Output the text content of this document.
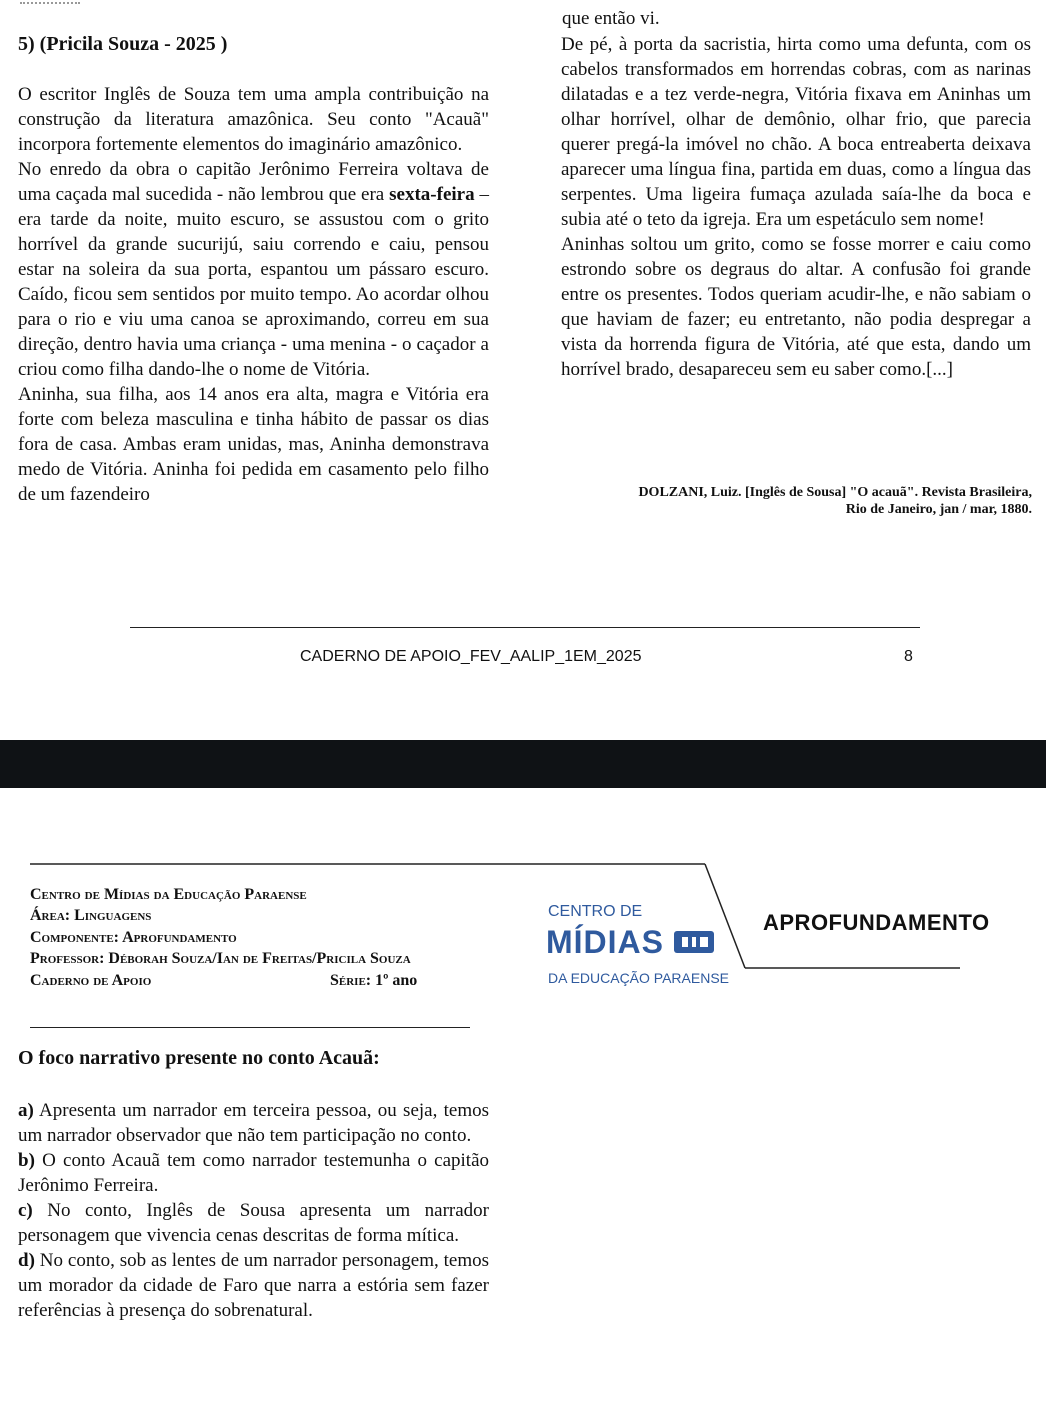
que então vi.
5) (Pricila Souza - 2025 )

O escritor Inglês de Souza tem uma ampla contribuição na construção da literatura amazônica. Seu conto "Acauã" incorpora fortemente elementos do imaginário amazônico.

No enredo da obra o capitão Jerônimo Ferreira voltava de uma caçada mal sucedida - não lembrou que era sexta-feira – era tarde da noite, muito escuro, se assustou com o grito horrível da grande sucurijú, saiu correndo e caiu, pensou estar na soleira da sua porta, espantou um pássaro escuro. Caído, ficou sem sentidos por muito tempo. Ao acordar olhou para o rio e viu uma canoa se aproximando, correu em sua direção, dentro havia uma criança - uma menina - o caçador a criou como filha dando-lhe o nome de Vitória.

Aninha, sua filha, aos 14 anos era alta, magra e Vitória era forte com beleza masculina e tinha hábito de passar os dias fora de casa. Ambas eram unidas, mas, Aninha demonstrava medo de Vitória. Aninha foi pedida em casamento pelo filho de um fazendeiro

De pé, à porta da sacristia, hirta como uma defunta, com os cabelos transformados em horrendas cobras, com as narinas dilatadas e a tez verde-negra, Vitória fixava em Aninhas um olhar horrível, olhar de demônio, olhar frio, que parecia querer pregá-la imóvel no chão. A boca entreaberta deixava aparecer uma língua fina, partida em duas, como a língua das serpentes. Uma ligeira fumaça azulada saía-lhe da boca e subia até o teto da igreja. Era um espetáculo sem nome!

Aninhas soltou um grito, como se fosse morrer e caiu como estrondo sobre os degraus do altar. A confusão foi grande entre os presentes. Todos queriam acudir-lhe, e não sabiam o que haviam de fazer; eu entretanto, não podia despregar a vista da horrenda figura de Vitória, até que esta, dando um horrível brado, desapareceu sem eu saber como.[...]

DOLZANI, Luiz. [Inglês de Sousa] "O acauã". Revista Brasileira,
Rio de Janeiro, jan / mar, 1880.
CADERNO DE APOIO_FEV_AALIP_1EM_2025	8
Centro de Mídias da Educação Paraense
Área: Linguagens
Componente: Aprofundamento
Professor: Déborah Souza/Ian de Freitas/Pricila Souza
Caderno de Apoio	Série: 1º ano
CENTRO DE
MÍDIAS
DA EDUCAÇÃO PARAENSE
APROFUNDAMENTO
O foco narrativo presente no conto Acauã:

a) Apresenta um narrador em terceira pessoa, ou seja, temos um narrador observador que não tem participação no conto.

b) O conto Acauã tem como narrador testemunha o capitão Jerônimo Ferreira.

c) No conto, Inglês de Sousa apresenta um narrador personagem que vivencia cenas descritas de forma mítica.

d) No conto, sob as lentes de um narrador personagem, temos um morador da cidade de Faro que narra a estória sem fazer referências à presença do sobrenatural.
